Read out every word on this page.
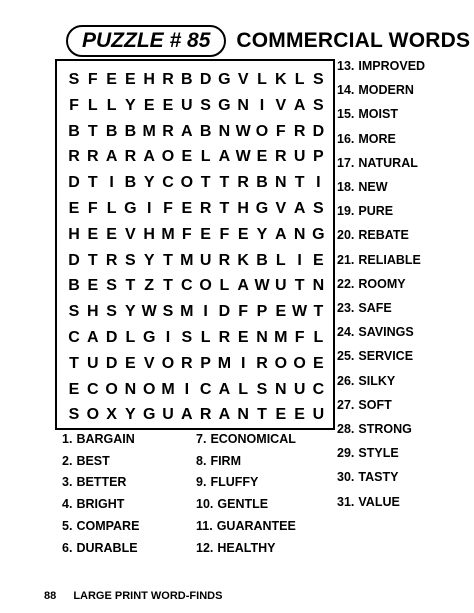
PUZZLE # 85	COMMERCIAL WORDS
S F E E H R B D G V L K L S
F L L Y E E U S G N I V A S
B T B B M R A B N W O F R D
R R A R A O E L A W E R U P
D T I B Y C O T T R B N T I
E F L G I F E R T H G V A S
H E E V H M F E F E Y A N G
D T R S Y T M U R K B L I E
B E S T Z T C O L A W U T N
S H S Y W S M I D F P E W T
C A D L G I S L R E N M F L
T U D E V O R P M I R O O E
E C O N O M I C A L S N U C
S O X Y G U A R A N T E E U
13. IMPROVED
14. MODERN
15. MOIST
16. MORE
17. NATURAL
18. NEW
19. PURE
20. REBATE
21. RELIABLE
22. ROOMY
23. SAFE
24. SAVINGS
25. SERVICE
26. SILKY
27. SOFT
28. STRONG
29. STYLE
30. TASTY
31. VALUE
1. BARGAIN
2. BEST
3. BETTER
4. BRIGHT
5. COMPARE
6. DURABLE
7. ECONOMICAL
8. FIRM
9. FLUFFY
10. GENTLE
11. GUARANTEE
12. HEALTHY
88 LARGE PRINT WORD-FINDS
